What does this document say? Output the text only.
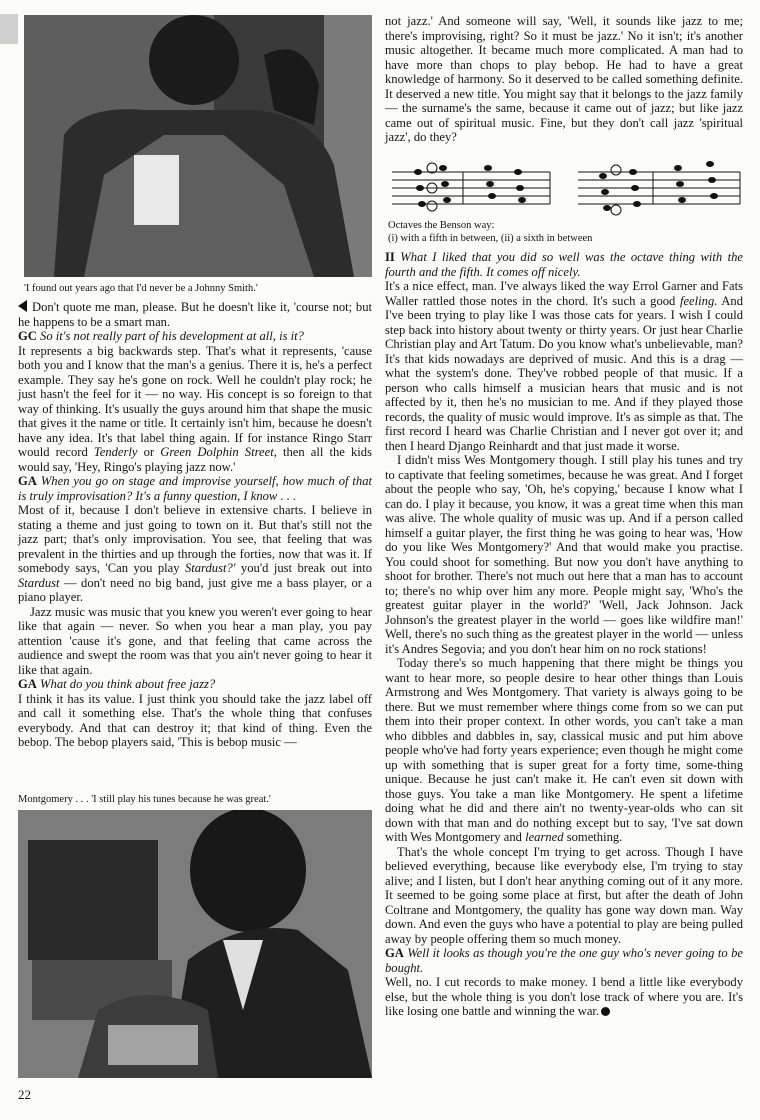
'I found out years ago that I'd never be a Johnny Smith.'

Don't quote me man, please. But he doesn't like it, 'course not; but he happens to be a smart man.

GC So it's not really part of his development at all, is it?

It represents a big backwards step. That's what it represents, 'cause both you and I know that the man's a genius. There it is, he's a perfect example. They say he's gone on rock. Well he couldn't play rock; he just hasn't the feel for it — no way. His concept is so foreign to that way of thinking. It's usually the guys around him that shape the music that gives it the name or title. It certainly isn't him, because he doesn't have any idea. It's that label thing again. If for instance Ringo Starr would record Tenderly or Green Dolphin Street, then all the kids would say, 'Hey, Ringo's playing jazz now.'

GA When you go on stage and improvise yourself, how much of that is truly improvisation? It's a funny question, I know . . .

Most of it, because I don't believe in extensive charts. I believe in stating a theme and just going to town on it. But that's still not the jazz part; that's only improvisation. You see, that feeling that was prevalent in the thirties and up through the forties, now that was it. If somebody says, 'Can you play Stardust?' you'd just break out into Stardust — don't need no big band, just give me a bass player, or a piano player.

Jazz music was music that you knew you weren't ever going to hear like that again — never. So when you hear a man play, you pay attention 'cause it's gone, and that feeling that came across the audience and swept the room was that you ain't never going to hear it like that again.

GA What do you think about free jazz?

I think it has its value. I just think you should take the jazz label off and call it something else. That's the whole thing that confuses everybody. And that can destroy it; that kind of thing. Even the bebop. The bebop players said, 'This is bebop music —

Montgomery . . . 'I still play his tunes because he was great.'

not jazz.' And someone will say, 'Well, it sounds like jazz to me; there's improvising, right? So it must be jazz.' No it isn't; it's another music altogether. It became much more complicated. A man had to have more than chops to play bebop. He had to have a great knowledge of harmony. So it deserved to be called something definite. It deserved a new title. You might say that it belongs to the jazz family — the surname's the same, because it came out of jazz; but like jazz came out of spiritual music. Fine, but they don't call jazz 'spiritual jazz', do they?

Octaves the Benson way:
(i) with a fifth in between, (ii) a sixth in between

II What I liked that you did so well was the octave thing with the fourth and the fifth. It comes off nicely.

It's a nice effect, man. I've always liked the way Errol Garner and Fats Waller rattled those notes in the chord. It's such a good feeling. And I've been trying to play like I was those cats for years. I wish I could step back into history about twenty or thirty years. Or just hear Charlie Christian play and Art Tatum. Do you know what's unbelievable, man? It's that kids nowadays are deprived of music. And this is a drag — what the system's done. They've robbed people of that music. If a person who calls himself a musician hears that music and is not affected by it, then he's no musician to me. And if they played those records, the quality of music would improve. It's as simple as that. The first record I heard was Charlie Christian and I never got over it; and then I heard Django Reinhardt and that just made it worse.

I didn't miss Wes Montgomery though. I still play his tunes and try to captivate that feeling sometimes, because he was great. And I forget about the people who say, 'Oh, he's copying,' because I know what I can do. I play it because, you know, it was a great time when this man was alive. The whole quality of music was up. And if a person called himself a guitar player, the first thing he was going to hear was, 'How do you like Wes Montgomery?' And that would make you practise. You could shoot for something. But now you don't have anything to shoot for brother. There's not much out here that a man has to account to; there's no whip over him any more. People might say, 'Who's the greatest guitar player in the world?' 'Well, Jack Johnson. Jack Johnson's the greatest player in the world — goes like wildfire man!' Well, there's no such thing as the greatest player in the world — unless it's Andres Segovia; and you don't hear him on no rock stations!

Today there's so much happening that there might be things you want to hear more, so people desire to hear other things than Louis Armstrong and Wes Montgomery. That variety is always going to be there. But we must remember where things come from so we can put them into their proper context. In other words, you can't take a man who dibbles and dabbles in, say, classical music and put him above people who've had forty years experience; even though he might come up with something that is super great for a forty time, some-thing unique. Because he just can't make it. He can't even sit down with those guys. You take a man like Montgomery. He spent a lifetime doing what he did and there ain't no twenty-year-olds who can sit down with that man and do nothing except but to say, 'I've sat down with Wes Montgomery and learned something.

That's the whole concept I'm trying to get across. Though I have believed everything, because like everybody else, I'm trying to stay alive; and I listen, but I don't hear anything coming out of it any more. It seemed to be going some place at first, but after the death of John Coltrane and Montgomery, the quality has gone way down man. Way down. And even the guys who have a potential to play are being pulled away by people offering them so much money.

GA Well it looks as though you're the one guy who's never going to be bought.

Well, no. I cut records to make money. I bend a little like everybody else, but the whole thing is you don't lose track of where you are. It's like losing one battle and winning the war.

22
